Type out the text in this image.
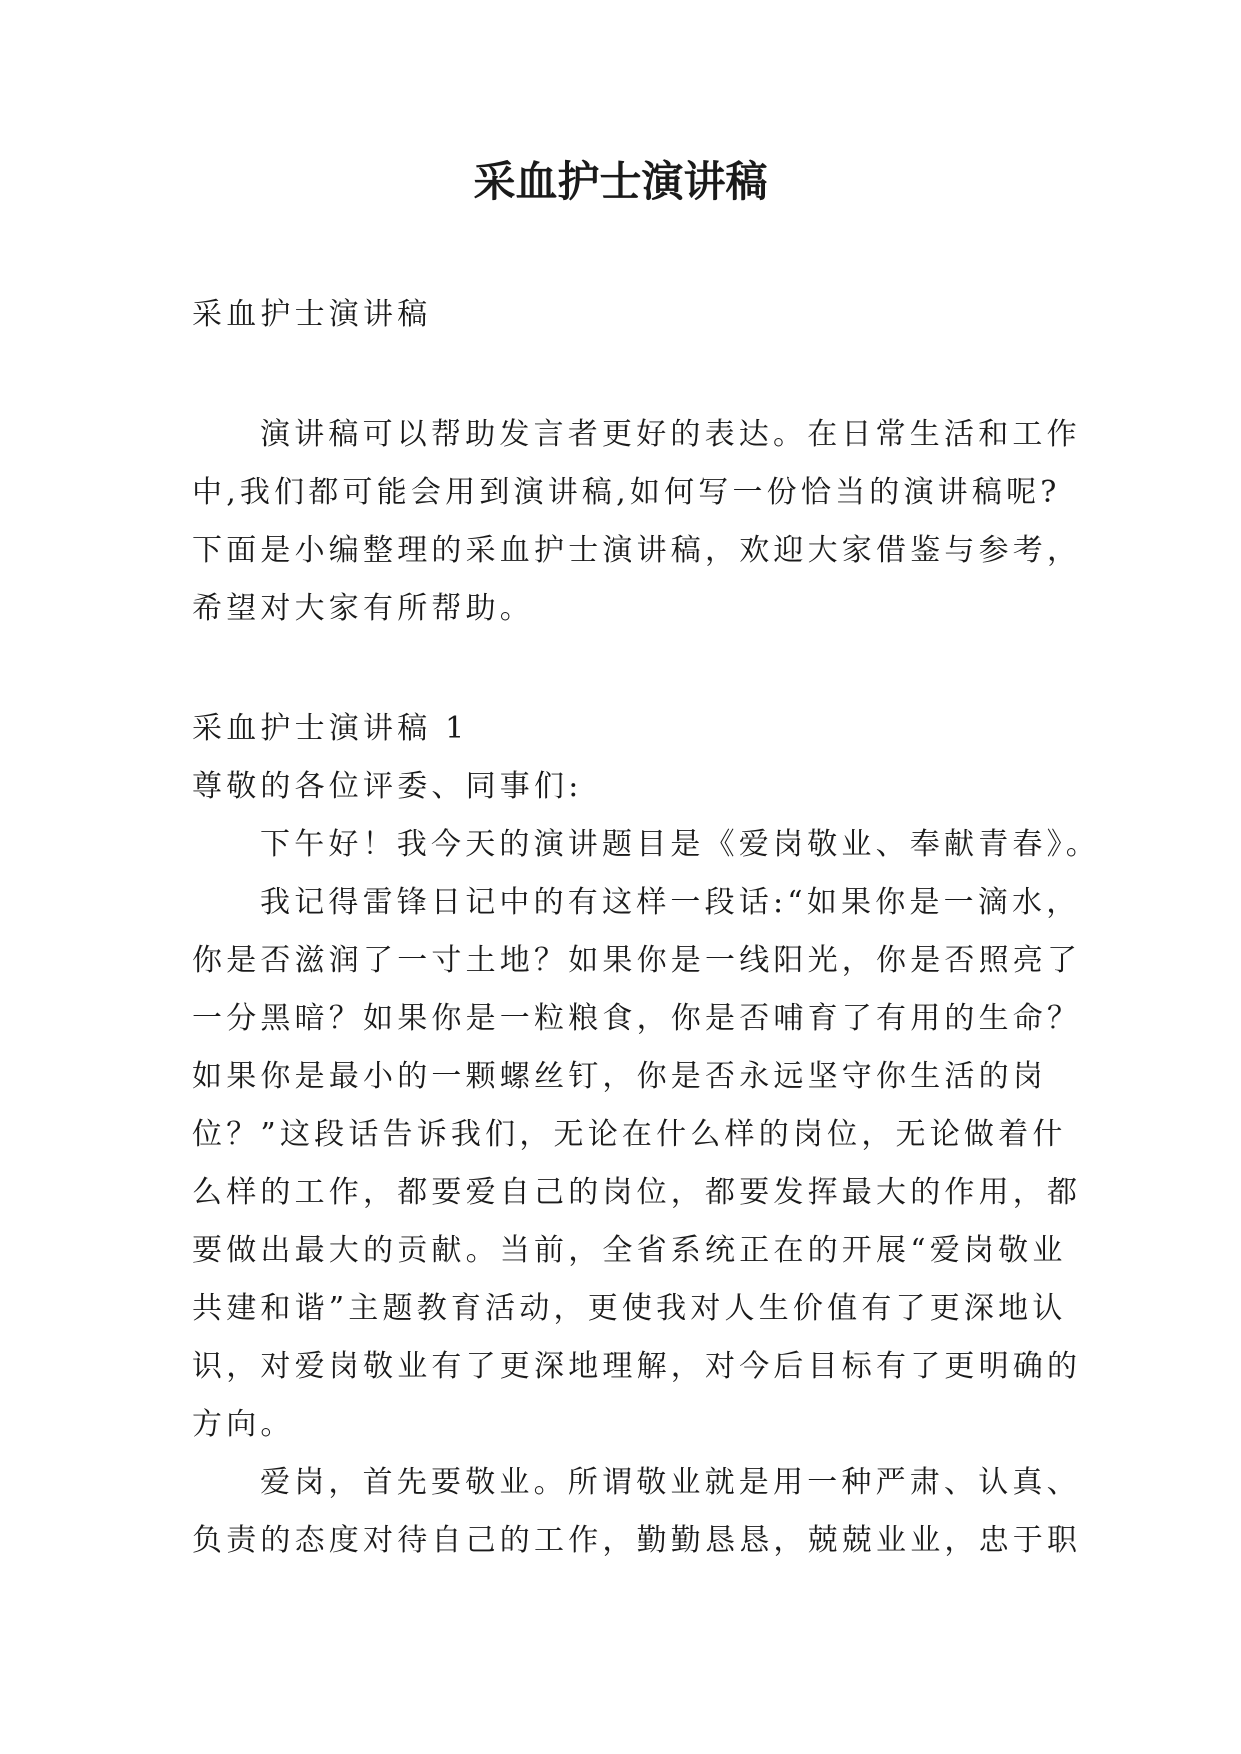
采血护士演讲稿
采血护士演讲稿
演讲稿可以帮助发言者更好的表达。在日常生活和工作
中,我们都可能会用到演讲稿,如何写一份恰当的演讲稿呢?
下面是小编整理的采血护士演讲稿，欢迎大家借鉴与参考，
希望对大家有所帮助。
采血护士演讲稿 1
尊敬的各位评委、同事们:
下午好！我今天的演讲题目是《爱岗敬业、奉献青春》。
我记得雷锋日记中的有这样一段话:“如果你是一滴水，
你是否滋润了一寸土地？如果你是一线阳光，你是否照亮了
一分黑暗？如果你是一粒粮食，你是否哺育了有用的生命？
如果你是最小的一颗螺丝钉，你是否永远坚守你生活的岗
位？”这段话告诉我们，无论在什么样的岗位，无论做着什
么样的工作，都要爱自己的岗位，都要发挥最大的作用，都
要做出最大的贡献。当前，全省系统正在的开展“爱岗敬业
共建和谐”主题教育活动，更使我对人生价值有了更深地认
识，对爱岗敬业有了更深地理解，对今后目标有了更明确的
方向。
爱岗，首先要敬业。所谓敬业就是用一种严肃、认真、
负责的态度对待自己的工作，勤勤恳恳，兢兢业业，忠于职
